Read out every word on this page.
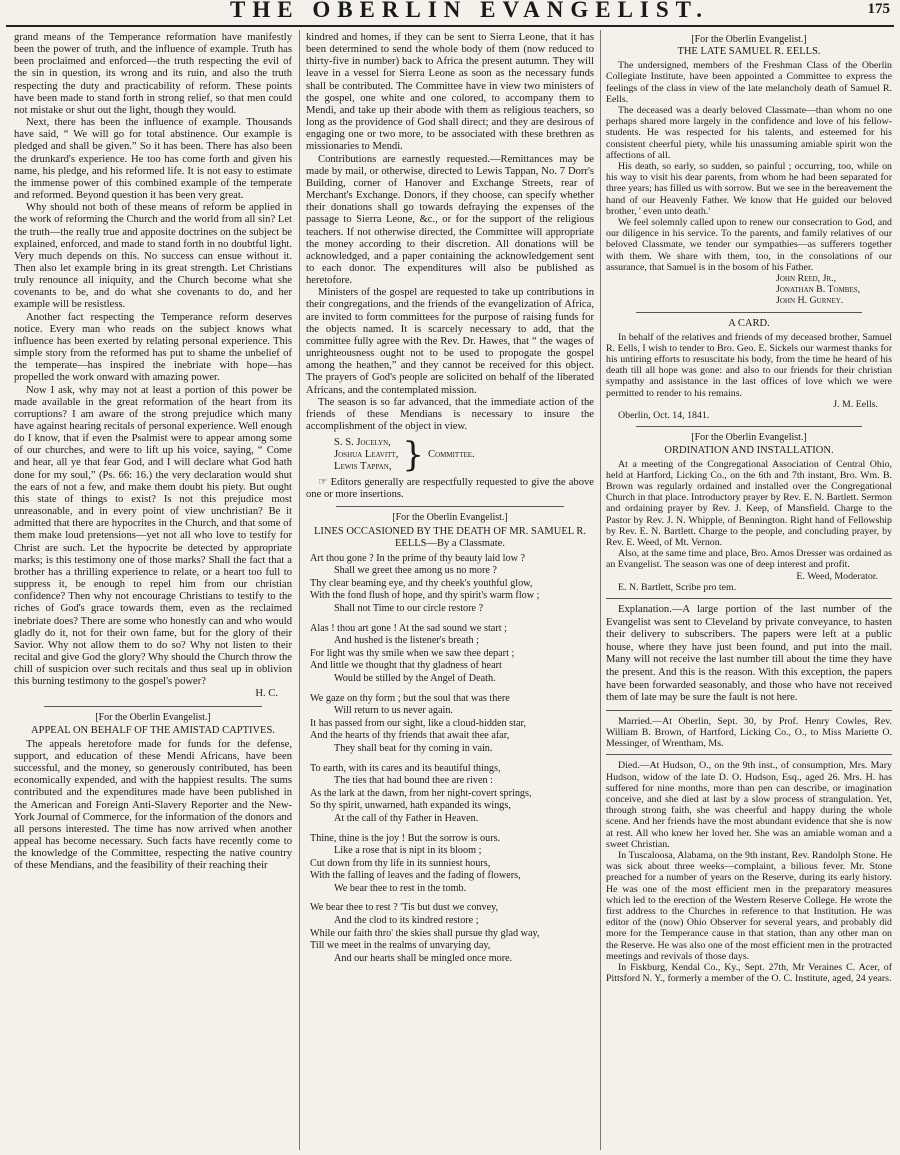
THE OBERLIN EVANGELIST.	175

grand means of the Temperance reformation have manifestly been the power of truth, and the influence of example. Truth has been proclaimed and enforced—the truth respecting the evil of the sin in question, its wrong and its ruin, and also the truth respecting the duty and practicability of reform. These points have been made to stand forth in strong relief, so that men could not mistake or shut out the light, though they would.

Next, there has been the influence of example. Thousands have said, “ We will go for total abstinence. Our example is pledged and shall be given.” So it has been. There has also been the drunkard's experience. He too has come forth and given his name, his pledge, and his reformed life. It is not easy to estimate the immense power of this combined example of the temperate and reformed. Beyond question it has been very great.

Why should not both of these means of reform be applied in the work of reforming the Church and the world from all sin? Let the truth—the really true and apposite doctrines on the subject be explained, enforced, and made to stand forth in no doubtful light. Very much depends on this. No success can ensue without it. Then also let example bring in its great strength. Let Christians truly renounce all iniquity, and the Church become what she covenants to be, and do what she covenants to do, and her example will be resistless.

Another fact respecting the Temperance reform deserves notice. Every man who reads on the subject knows what influence has been exerted by relating personal experience. This simple story from the reformed has put to shame the unbelief of the temperate—has inspired the inebriate with hope—has propelled the work onward with amazing power.

Now I ask, why may not at least a portion of this power be made available in the great reformation of the heart from its corruptions? I am aware of the strong prejudice which many have against hearing recitals of personal experience. Well enough do I know, that if even the Psalmist were to appear among some of our churches, and were to lift up his voice, saying, “ Come and hear, all ye that fear God, and I will declare what God hath done for my soul,” (Ps. 66: 16.) the very declaration would shut the ears of not a few, and make them doubt his piety. But ought this state of things to exist? Is not this prejudice most unreasonable, and in every point of view unchristian? Be it admitted that there are hypocrites in the Church, and that some of them make loud pretensions—yet not all who love to testify for Christ are such. Let the hypocrite be detected by appropriate marks; is this testimony one of those marks? Shall the fact that a brother has a thrilling experience to relate, or a heart too full to suppress it, be enough to repel him from our christian confidence? Then why not encourage Christians to testify to the riches of God's grace towards them, even as the reclaimed inebriate does? There are some who honestly can and who would gladly do it, not for their own fame, but for the glory of their Savior. Why not allow them to do so? Why not listen to their recital and give God the glory? Why should the Church throw the chill of suspicion over such recitals and thus seal up in oblivion this burning testimony to the gospel's power?

H. C.
[For the Oberlin Evangelist.]
APPEAL ON BEHALF OF THE AMISTAD CAPTIVES.

The appeals heretofore made for funds for the defense, support, and education of these Mendi Africans, have been successful, and the money, so generously contributed, has been economically expended, and with the happiest results. The sums contributed and the expenditures made have been published in the American and Foreign Anti-Slavery Reporter and the New-York Journal of Commerce, for the information of the donors and all persons interested. The time has now arrived when another appeal has become necessary. Such facts have recently come to the knowledge of the Committee, respecting the native country of these Mendians, and the feasibility of their reaching their

kindred and homes, if they can be sent to Sierra Leone, that it has been determined to send the whole body of them (now reduced to thirty-five in number) back to Africa the present autumn. They will leave in a vessel for Sierra Leone as soon as the necessary funds shall be contributed. The Committee have in view two ministers of the gospel, one white and one colored, to accompany them to Mendi, and take up their abode with them as religious teachers, so long as the providence of God shall direct; and they are desirous of engaging one or two more, to be associated with these brethren as missionaries to Mendi.

Contributions are earnestly requested.—Remittances may be made by mail, or otherwise, directed to Lewis Tappan, No. 7 Dorr's Building, corner of Hanover and Exchange Streets, rear of Merchant's Exchange. Donors, if they choose, can specify whether their donations shall go towards defraying the expenses of the passage to Sierra Leone, &c., or for the support of the religious teachers. If not otherwise directed, the Committee will appropriate the money according to their discretion. All donations will be acknowledged, and a paper containing the acknowledgement sent to each donor. The expenditures will also be published as heretofore.

Ministers of the gospel are requested to take up contributions in their congregations, and the friends of the evangelization of Africa, are invited to form committees for the purpose of raising funds for the objects named. It is scarcely necessary to add, that the committee fully agree with the Rev. Dr. Hawes, that “ the wages of unrighteousness ought not to be used to propogate the gospel among the heathen,” and they cannot be received for this object. The prayers of God's people are solicited on behalf of the liberated Africans, and the contemplated mission.

The season is so far advanced, that the immediate action of the friends of these Mendians is necessary to insure the accomplishment of the object in view.

S. S. Jocelyn,
Joshua Leavitt,
Lewis Tappan, } Committee.

☞ Editors generally are respectfully requested to give the above one or more insertions.

[For the Oberlin Evangelist.]
LINES OCCASIONED BY THE DEATH OF MR. SAMUEL R. EELLS—By a Classmate.
Art thou gone ? In the prime of thy beauty laid low ?
Shall we greet thee among us no more ?
Thy clear beaming eye, and thy cheek's youthful glow,
With the fond flush of hope, and thy spirit's warm flow ;
Shall not Time to our circle restore ?
Alas ! thou art gone ! At the sad sound we start ;
And hushed is the listener's breath ;
For light was thy smile when we saw thee depart ;
And little we thought that thy gladness of heart
Would be stilled by the Angel of Death.
We gaze on thy form ; but the soul that was there
Will return to us never again.
It has passed from our sight, like a cloud-hidden star,
And the hearts of thy friends that await thee afar,
They shall beat for thy coming in vain.
To earth, with its cares and its beautiful things,
The ties that had bound thee are riven :
As the lark at the dawn, from her night-covert springs,
So thy spirit, unwarned, hath expanded its wings,
At the call of thy Father in Heaven.
Thine, thine is the joy ! But the sorrow is ours.
Like a rose that is nipt in its bloom ;
Cut down from thy life in its sunniest hours,
With the falling of leaves and the fading of flowers,
We bear thee to rest in the tomb.
We bear thee to rest ? 'Tis but dust we convey,
And the clod to its kindred restore ;
While our faith thro' the skies shall pursue thy glad way,
Till we meet in the realms of unvarying day,
And our hearts shall be mingled once more.
[For the Oberlin Evangelist.]
THE LATE SAMUEL R. EELLS.

The undersigned, members of the Freshman Class of the Oberlin Collegiate Institute, have been appointed a Committee to express the feelings of the class in view of the late melancholy death of Samuel R. Eells.

The deceased was a dearly beloved Classmate—than whom no one perhaps shared more largely in the confidence and love of his fellow-students. He was respected for his talents, and esteemed for his consistent cheerful piety, while his unassuming amiable spirit won the affections of all.

His death, so early, so sudden, so painful ; occurring, too, while on his way to visit his dear parents, from whom he had been separated for three years; has filled us with sorrow. But we see in the bereavement the hand of our Heavenly Father. We know that He guided our beloved brother, ' even unto death.'

We feel solemnly called upon to renew our consecration to God, and our diligence in his service. To the parents, and family relatives of our beloved Classmate, we tender our sympathies—as sufferers together with them. We share with them, too, in the consolations of our assurance, that Samuel is in the bosom of his Father.

John Reed, Jr.,
Jonathan B. Tombes,
John H. Gurney.
A CARD.

In behalf of the relatives and friends of my deceased brother, Samuel R. Eells, I wish to tender to Bro. Geo. E. Sickels our warmest thanks for his untiring efforts to resuscitate his body, from the time he heard of his death till all hope was gone: and also to our friends for their christian sympathy and assistance in the last offices of love which we were permitted to render to his remains.

J. M. Eells.
Oberlin, Oct. 14, 1841.
[For the Oberlin Evangelist.]
ORDINATION AND INSTALLATION.

At a meeting of the Congregational Association of Central Ohio, held at Hartford, Licking Co., on the 6th and 7th instant, Bro. Wm. B. Brown was regularly ordained and installed over the Congregational Church in that place. Introductory prayer by Rev. E. N. Bartlett. Sermon and ordaining prayer by Rev. J. Keep, of Mansfield. Charge to the Pastor by Rev. J. N. Whipple, of Bennington. Right hand of Fellowship by Rev. E. N. Bartlett. Charge to the people, and concluding prayer, by Rev. E. Weed, of Mt. Vernon.

Also, at the same time and place, Bro. Amos Dresser was ordained as an Evangelist. The season was one of deep interest and profit.

E. Weed, Moderator.
E. N. Bartlett, Scribe pro tem.

Explanation.—A large portion of the last number of the Evangelist was sent to Cleveland by private conveyance, to hasten their delivery to subscribers. The papers were left at a public house, where they have just been found, and put into the mail. Many will not receive the last number till about the time they have the present. And this is the reason. With this exception, the papers have been forwarded seasonably, and those who have not received them of late may be sure the fault is not here.

Married.—At Oberlin, Sept. 30, by Prof. Henry Cowles, Rev. William B. Brown, of Hartford, Licking Co., O., to Miss Mariette O. Messinger, of Wrentham, Ms.

Died.—At Hudson, O., on the 9th inst., of consumption, Mrs. Mary Hudson, widow of the late D. O. Hudson, Esq., aged 26. Mrs. H. has suffered for nine months, more than pen can describe, or imagination conceive, and she died at last by a slow process of strangulation. Yet, through strong faith, she was cheerful and happy during the whole scene. And her friends have the most abundant evidence that she is now at rest. All who knew her loved her. She was an amiable woman and a sweet Christian.

In Tuscaloosa, Alabama, on the 9th instant, Rev. Randolph Stone. He was sick about three weeks—complaint, a bilious fever. Mr. Stone preached for a number of years on the Reserve, during its early history. He was one of the most efficient men in the preparatory measures which led to the erection of the Western Reserve College. He wrote the first address to the Churches in reference to that Institution. He was editor of the (now) Ohio Observer for several years, and probably did more for the Temperance cause in that station, than any other man on the Reserve. He was also one of the most efficient men in the protracted meetings and revivals of those days.

In Fiskburg, Kendal Co., Ky., Sept. 27th, Mr Veraines C. Acer, of Pittsford N. Y., formerly a member of the O. C. Institute, aged, 24 years.
